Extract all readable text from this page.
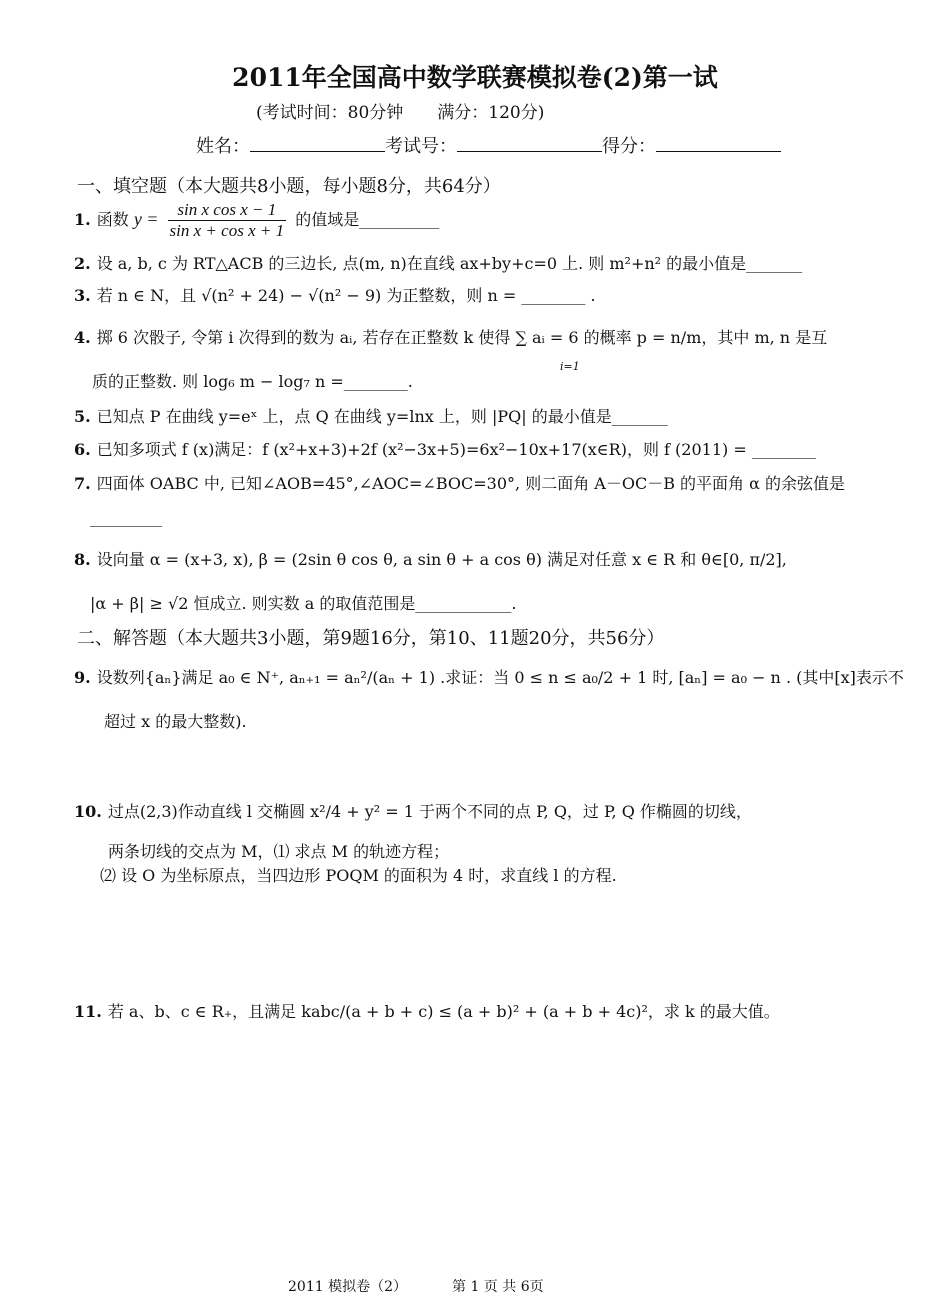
2011年全国高中数学联赛模拟卷(2)第一试
(考试时间：80分钟　　满分：120分)
姓名：	考试号：	得分：
一、填空题（本大题共8小题，每小题8分，共64分）
1. 函数 $y = \frac{\text{sin x cos x − 1}}{\text{sin x + cos x + 1}}$ 的值域是__________
2. 设 a, b, c 为 RT△ACB 的三边长, 点(m, n)在直线 ax+by+c=0 上. 则 m²+n² 的最小值是_______
3. 若 n ∈ N，且 √(n² + 24) − √(n² − 9) 为正整数，则 n = ________ .
4. 掷 6 次骰子, 令第 i 次得到的数为 aᵢ, 若存在正整数 k 使得 ∑ aᵢ = 6 的概率 p = n/m，其中 m, n 是互
i=1
质的正整数. 则 log₆ m − log₇ n =________.
5. 已知点 P 在曲线 y=eˣ 上，点 Q 在曲线 y=lnx 上，则 |PQ| 的最小值是_______
6. 已知多项式 f (x)满足：f (x²+x+3)+2f (x²−3x+5)=6x²−10x+17(x∈R)，则 f (2011) = ________
7. 四面体 OABC 中, 已知∠AOB=45°,∠AOC=∠BOC=30°, 则二面角 A－OC－B 的平面角 α 的余弦值是
_________
8. 设向量 α = (x+3, x), β = (2sin θ cos θ, a sin θ + a cos θ) 满足对任意 x ∈ R 和 θ∈[0, π/2],
|α + β| ≥ √2 恒成立. 则实数 a 的取值范围是____________.
二、解答题（本大题共3小题，第9题16分，第10、11题20分，共56分）
9. 设数列{aₙ}满足 a₀ ∈ N⁺, aₙ₊₁ = aₙ²/(aₙ + 1) .求证：当 0 ≤ n ≤ a₀/2 + 1 时, [aₙ] = a₀ − n . (其中[x]表示不
超过 x 的最大整数).
10. 过点(2,3)作动直线 l 交椭圆 x²/4 + y² = 1 于两个不同的点 P, Q，过 P, Q 作椭圆的切线，
两条切线的交点为 M，⑴ 求点 M 的轨迹方程；
⑵ 设 O 为坐标原点，当四边形 POQM 的面积为 4 时，求直线 l 的方程.
11. 若 a、b、c ∈ R₊，且满足 kabc/(a + b + c) ≤ (a + b)² + (a + b + 4c)²，求 k 的最大值。
2011 模拟卷（2）	第 1 页 共 6页
